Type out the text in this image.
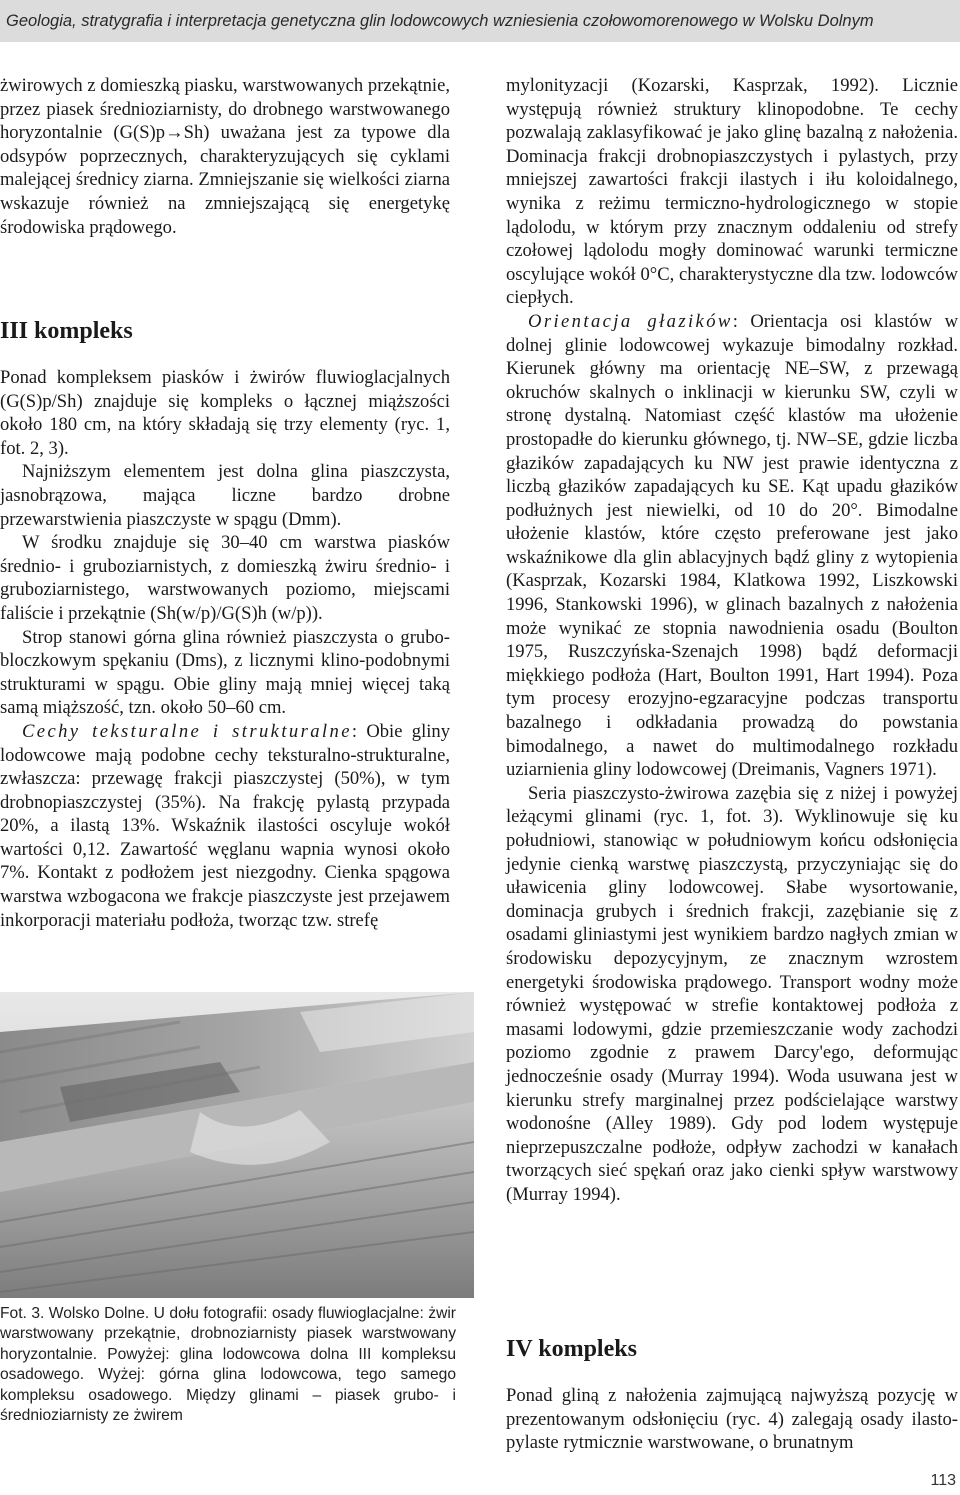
Geologia, stratygrafia i interpretacja genetyczna glin lodowcowych wzniesienia czołowomorenowego w Wolsku Dolnym

żwirowych z domieszką piasku, warstwowanych przekątnie, przez piasek średnioziarnisty, do drobnego warstwowanego horyzontalnie (G(S)p→Sh) uważana jest za typowe dla odsypów poprzecznych, charakteryzujących się cyklami malejącej średnicy ziarna. Zmniejszanie się wielkości ziarna wskazuje również na zmniejszającą się energetykę środowiska prądowego.

III kompleks

Ponad kompleksem piasków i żwirów fluwioglacjalnych (G(S)p/Sh) znajduje się kompleks o łącznej miąższości około 180 cm, na który składają się trzy elementy (ryc. 1, fot. 2, 3).

Najniższym elementem jest dolna glina piaszczysta, jasnobrązowa, mająca liczne bardzo drobne przewarstwienia piaszczyste w spągu (Dmm).

W środku znajduje się 30–40 cm warstwa piasków średnio- i gruboziarnistych, z domieszką żwiru średnio- i gruboziarnistego, warstwowanych poziomo, miejscami faliście i przekątnie (Sh(w/p)/G(S)h (w/p)).

Strop stanowi górna glina również piaszczysta o grubo-bloczkowym spękaniu (Dms), z licznymi klino-podobnymi strukturami w spągu. Obie gliny mają mniej więcej taką samą miąższość, tzn. około 50–60 cm.

Cechy teksturalne i strukturalne: Obie gliny lodowcowe mają podobne cechy teksturalno-strukturalne, zwłaszcza: przewagę frakcji piaszczystej (50%), w tym drobnopiaszczystej (35%). Na frakcję pylastą przypada 20%, a ilastą 13%. Wskaźnik ilastości oscyluje wokół wartości 0,12. Zawartość węglanu wapnia wynosi około 7%. Kontakt z podłożem jest niezgodny. Cienka spągowa warstwa wzbogacona we frakcje piaszczyste jest przejawem inkorporacji materiału podłoża, tworząc tzw. strefę

Fot. 3. Wolsko Dolne. U dołu fotografii: osady fluwioglacjalne: żwir warstwowany przekątnie, drobnoziarnisty piasek warstwowany horyzontalnie. Powyżej: glina lodowcowa dolna III kompleksu osadowego. Wyżej: górna glina lodowcowa, tego samego kompleksu osadowego. Między glinami – piasek grubo- i średnioziarnisty ze żwirem

mylonityzacji (Kozarski, Kasprzak, 1992). Licznie występują również struktury klinopodobne. Te cechy pozwalają zaklasyfikować je jako glinę bazalną z nałożenia. Dominacja frakcji drobnopiaszczystych i pylastych, przy mniejszej zawartości frakcji ilastych i iłu koloidalnego, wynika z reżimu termiczno-hydrologicznego w stopie lądolodu, w którym przy znacznym oddaleniu od strefy czołowej lądolodu mogły dominować warunki termiczne oscylujące wokół 0°C, charakterystyczne dla tzw. lodowców ciepłych.

Orientacja głazików: Orientacja osi klastów w dolnej glinie lodowcowej wykazuje bimodalny rozkład. Kierunek główny ma orientację NE–SW, z przewagą okruchów skalnych o inklinacji w kierunku SW, czyli w stronę dystalną. Natomiast część klastów ma ułożenie prostopadłe do kierunku głównego, tj. NW–SE, gdzie liczba głazików zapadających ku NW jest prawie identyczna z liczbą głazików zapadających ku SE. Kąt upadu głazików podłużnych jest niewielki, od 10 do 20°. Bimodalne ułożenie klastów, które często preferowane jest jako wskaźnikowe dla glin ablacyjnych bądź gliny z wytopienia (Kasprzak, Kozarski 1984, Klatkowa 1992, Liszkowski 1996, Stankowski 1996), w glinach bazalnych z nałożenia może wynikać ze stopnia nawodnienia osadu (Boulton 1975, Ruszczyńska-Szenajch 1998) bądź deformacji miękkiego podłoża (Hart, Boulton 1991, Hart 1994). Poza tym procesy erozyjno-egzaracyjne podczas transportu bazalnego i odkładania prowadzą do powstania bimodalnego, a nawet do multimodalnego rozkładu uziarnienia gliny lodowcowej (Dreimanis, Vagners 1971).

Seria piaszczysto-żwirowa zazębia się z niżej i powyżej leżącymi glinami (ryc. 1, fot. 3). Wyklinowuje się ku południowi, stanowiąc w południowym końcu odsłonięcia jedynie cienką warstwę piaszczystą, przyczyniając się do uławicenia gliny lodowcowej. Słabe wysortowanie, dominacja grubych i średnich frakcji, zazębianie się z osadami gliniastymi jest wynikiem bardzo nagłych zmian w środowisku depozycyjnym, ze znacznym wzrostem energetyki środowiska prądowego. Transport wodny może również występować w strefie kontaktowej podłoża z masami lodowymi, gdzie przemieszczanie wody zachodzi poziomo zgodnie z prawem Darcy'ego, deformując jednocześnie osady (Murray 1994). Woda usuwana jest w kierunku strefy marginalnej przez podścielające warstwy wodonośne (Alley 1989). Gdy pod lodem występuje nieprzepuszczalne podłoże, odpływ zachodzi w kanałach tworzących sieć spękań oraz jako cienki spływ warstwowy (Murray 1994).

IV kompleks

Ponad gliną z nałożenia zajmującą najwyższą pozycję w prezentowanym odsłonięciu (ryc. 4) zalegają osady ilasto-pylaste rytmicznie warstwowane, o brunatnym

113
